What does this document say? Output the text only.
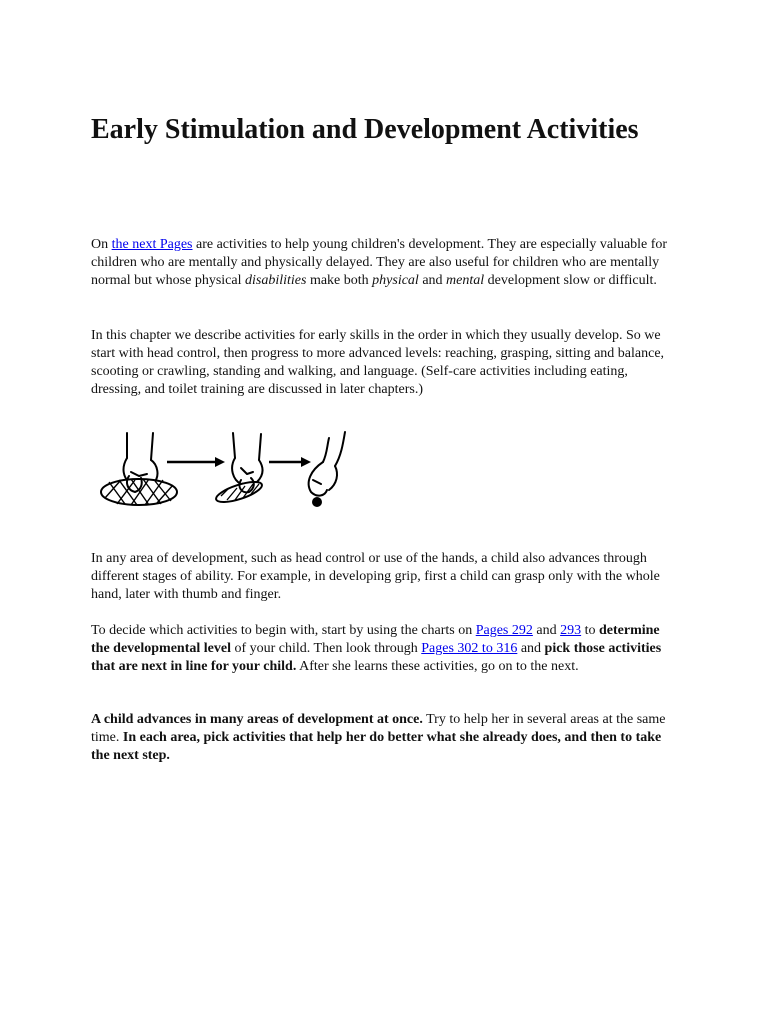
Early Stimulation and Development Activities

On the next Pages are activities to help young children's development. They are especially valuable for children who are mentally and physically delayed. They are also useful for children who are mentally normal but whose physical disabilities make both physical and mental development slow or difficult.

In this chapter we describe activities for early skills in the order in which they usually develop. So we start with head control, then progress to more advanced levels: reaching, grasping, sitting and balance, scooting or crawling, standing and walking, and language. (Self-care activities including eating, dressing, and toilet training are discussed in later chapters.)

In any area of development, such as head control or use of the hands, a child also advances through different stages of ability. For example, in developing grip, first a child can grasp only with the whole hand, later with thumb and finger.

To decide which activities to begin with, start by using the charts on Pages 292 and 293 to determine the developmental level of your child. Then look through Pages 302 to 316 and pick those activities that are next in line for your child. After she learns these activities, go on to the next.

A child advances in many areas of development at once. Try to help her in several areas at the same time. In each area, pick activities that help her do better what she already does, and then to take the next step.
